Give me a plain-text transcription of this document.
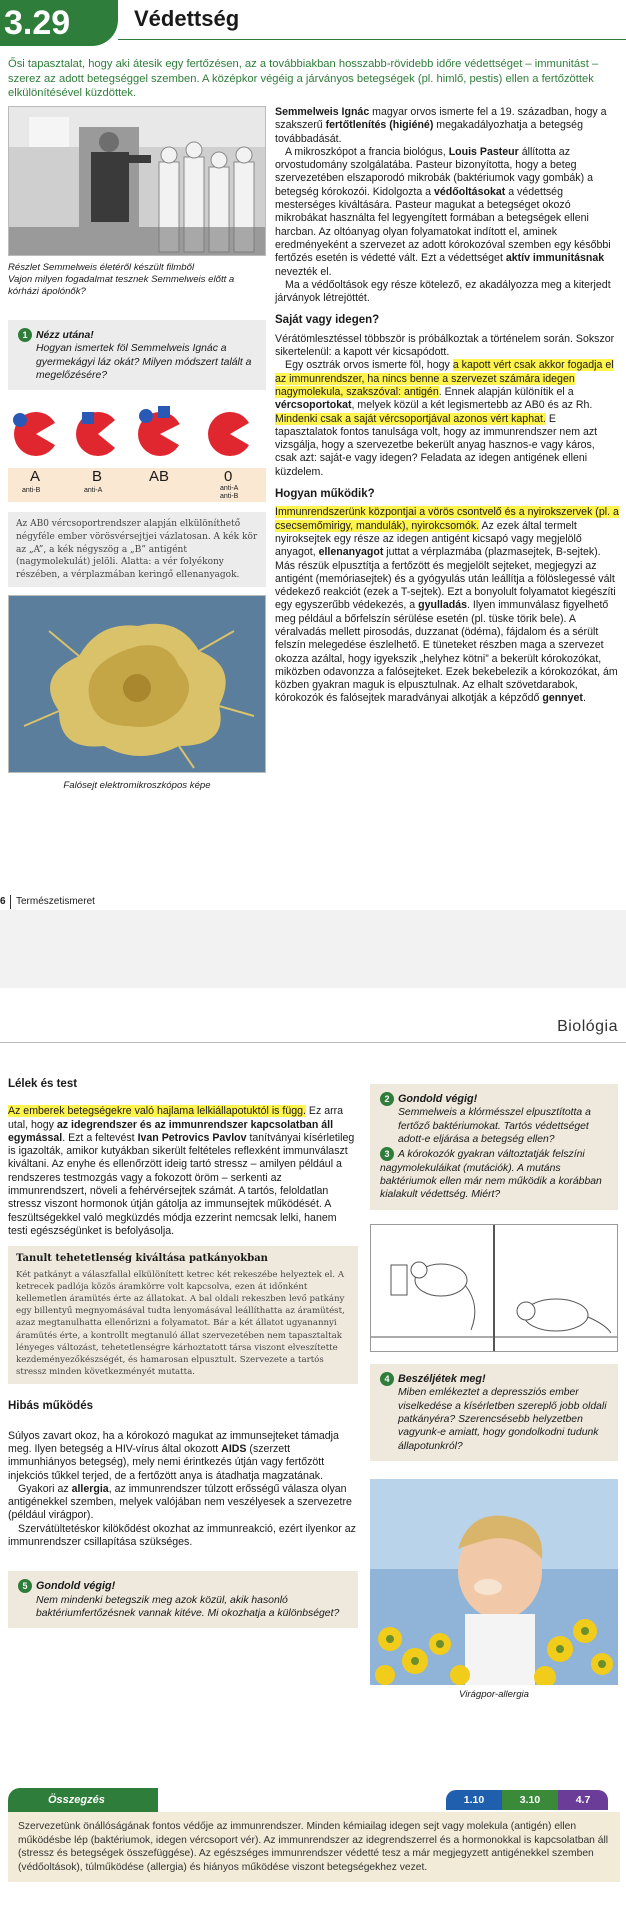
3.29	Védettség
Ősi tapasztalat, hogy aki átesik egy fertőzésen, az a továbbiakban hosszabb-rövidebb időre védettséget – immunitást – szerez az adott betegséggel szemben. A középkor végéig a járványos betegségek (pl. himlő, pestis) ellen a fertőzöttek elkülönítésével küzdöttek.
Részlet Semmelweis életéről készült filmből
Vajon milyen fogadalmat tesznek Semmelweis előtt a kórházi ápolónők?
1 Nézz utána!
Hogyan ismertek föl Semmelweis Ignác a gyermekágyi láz okát? Milyen módszert talált a megelőzésére?
A
anti-B
B
anti-A
AB	0
anti-A
anti-B
Az AB0 vércsoportrendszer alapján elkülöníthető négyféle ember vörösvérsejtjei vázlatosan. A kék kör az „A”, a kék négyszög a „B” antigént (nagymolekulát) jelöli. Alatta: a vér folyékony részében, a vérplazmában keringő ellenanyagok.
Falósejt elektromikroszkópos képe

Semmelweis Ignác magyar orvos ismerte fel a 19. században, hogy a szakszerű fertőtlenítés (higiéné) megakadályozhatja a betegség továbbadását.

A mikroszkópot a francia biológus, Louis Pasteur állította az orvostudomány szolgálatába. Pasteur bizonyította, hogy a beteg szervezetében elszaporodó mikrobák (baktériumok vagy gombák) a betegség kórokozói. Kidolgozta a védőoltásokat a védettség mesterséges kiváltására. Pasteur magukat a betegséget okozó mikrobákat használta fel legyengített formában a betegségek elleni harcban. Az oltóanyag olyan folyamatokat indított el, aminek eredményeként a szervezet az adott kórokozóval szemben egy későbbi fertőzés esetén is védetté vált. Ezt a védettséget aktív immunitásnak nevezték el.

Ma a védőoltások egy része kötelező, ez akadályozza meg a kiterjedt járványok létrejöttét.

Saját vagy idegen?

Vérátömlesztéssel többször is próbálkoztak a történelem során. Sokszor sikertelenül: a kapott vér kicsapódott.

Egy osztrák orvos ismerte föl, hogy a kapott vért csak akkor fogadja el az immunrendszer, ha nincs benne a szervezet számára idegen nagymolekula, szakszóval: antigén. Ennek alapján különítik el a vércsoportokat, melyek közül a két legismertebb az AB0 és az Rh. Mindenki csak a saját vércsoportjával azonos vért kaphat. E tapasztalatok fontos tanulsága volt, hogy az immunrendszer nem azt vizsgálja, hogy a szervezetbe bekerült anyag hasznos-e vagy káros, csak azt: saját-e vagy idegen? Feladata az idegen antigének elleni küzdelem.

Hogyan működik?

Immunrendszerünk központjai a vörös csontvelő és a nyirokszervek (pl. a csecsemőmirigy, mandulák), nyirokcsomók. Az ezek által termelt nyiroksejtek egy része az idegen antigént kicsapó vagy megjelölő anyagot, ellenanyagot juttat a vérplazmába (plazmasejtek, B-sejtek). Más részük elpusztítja a fertőzött és megjelölt sejteket, megjegyzi az antigént (memóriasejtek) és a gyógyulás után leállítja a fölöslegessé vált védekező reakciót (ezek a T-sejtek). Ezt a bonyolult folyamatot kiegészíti egy egyszerűbb védekezés, a gyulladás. Ilyen immunválasz figyelhető meg például a bőrfelszín sérülése esetén (pl. tüske törik bele). A véralvadás mellett pirosodás, duzzanat (ödéma), fájdalom és a sérült felszín melegedése észlelhető. E tüneteket részben maga a szervezet okozza azáltal, hogy igyekszik „helyhez kötni” a bekerült kórokozókat, miközben odavonzza a falósejteket. Ezek bekebelezik a kórokozókat, ám közben gyakran maguk is elpusztulnak. Az elhalt szövetdarabok, kórokozók és falósejtek maradványai alkotják a képződő gennyet.

6	Természetismeret
Biológia
Lélek és test

Az emberek betegségekre való hajlama lelkiállapotuktól is függ. Ez arra utal, hogy az idegrendszer és az immunrendszer kapcsolatban áll egymással. Ezt a feltevést Ivan Petrovics Pavlov tanítványai kísérletileg is igazolták, amikor kutyákban sikerült feltételes reflexként immunválaszt kiváltani. Az enyhe és ellenőrzött ideig tartó stressz – amilyen például a rendszeres testmozgás vagy a fokozott öröm – serkenti az immunrendszert, növeli a fehérvérsejtek számát. A tartós, feloldatlan stressz viszont hormonok útján gátolja az immunsejtek működését. A feszültségekkel való megküzdés módja ezzerint nemcsak lelki, hanem testi egészségünket is befolyásolja.

Tanult tehetetlenség kiváltása patkányokban
Két patkányt a válaszfallal elkülönített ketrec két rekeszébe helyeztek el. A ketrecek padlója közös áramkörre volt kapcsolva, ezen át időnként kellemetlen áramütés érte az állatokat. A bal oldali rekeszben levő patkány egy billentyű megnyomásával tudta lenyomásával leállíthatta az áramütést, azaz megtanulhatta ellenőrizni a folyamatot. Bár a két állatot ugyanannyi áramütés érte, a kontrollt megtanuló állat szervezetében nem tapasztaltak lényeges változást, tehetetlenségre kárhoztatott társa viszont elveszítette kezdeményezőkészségét, és hamarosan elpusztult. Szervezete a tartós stressz minden következményét mutatta.
Hibás működés

Súlyos zavart okoz, ha a kórokozó magukat az immunsejteket támadja meg. Ilyen betegség a HIV-vírus által okozott AIDS (szerzett immunhiányos betegség), mely nemi érintkezés útján vagy fertőzött injekciós tűkkel terjed, de a fertőzött anya is átadhatja magzatának.

Gyakori az allergia, az immunrendszer túlzott erősségű válasza olyan antigénekkel szemben, melyek valójában nem veszélyesek a szervezetre (például virágpor).

Szervátültetéskor kilökődést okozhat az immunreakció, ezért ilyenkor az immunrendszer csillapítása szükséges.

5 Gondold végig!
Nem mindenki betegszik meg azok közül, akik hasonló baktériumfertőzésnek vannak kitéve. Mi okozhatja a különbséget?
2 Gondold végig!
Semmelweis a klórmésszel elpusztította a fertőző baktériumokat. Tartós védettséget adott-e eljárása a betegség ellen?
3 A kórokozók gyakran változtatják felszíni nagymolekuláikat (mutációk). A mutáns baktériumok ellen már nem működik a korábban kialakult védettség. Miért?
4 Beszéljétek meg!
Miben emlékeztet a depressziós ember viselkedése a kísérletben szereplő jobb oldali patkányéra? Szerencsésebb helyzetben vagyunk-e amiatt, hogy gondolkodni tudunk állapotunkról?
Virágpor-allergia
Összegzés	1.10	3.10	4.7
Szervezetünk önállóságának fontos védője az immunrendszer. Minden kémiailag idegen sejt vagy molekula (antigén) ellen működésbe lép (baktériumok, idegen vércsoport vér). Az immunrendszer az idegrendszerrel és a hormonokkal is kapcsolatban áll (stressz és betegségek összefüggése). Az egészséges immunrendszer védetté tesz a már megjegyzett antigénekkel szemben (védőoltások), túlműködése (allergia) és hiányos működése viszont betegségekhez vezet.
